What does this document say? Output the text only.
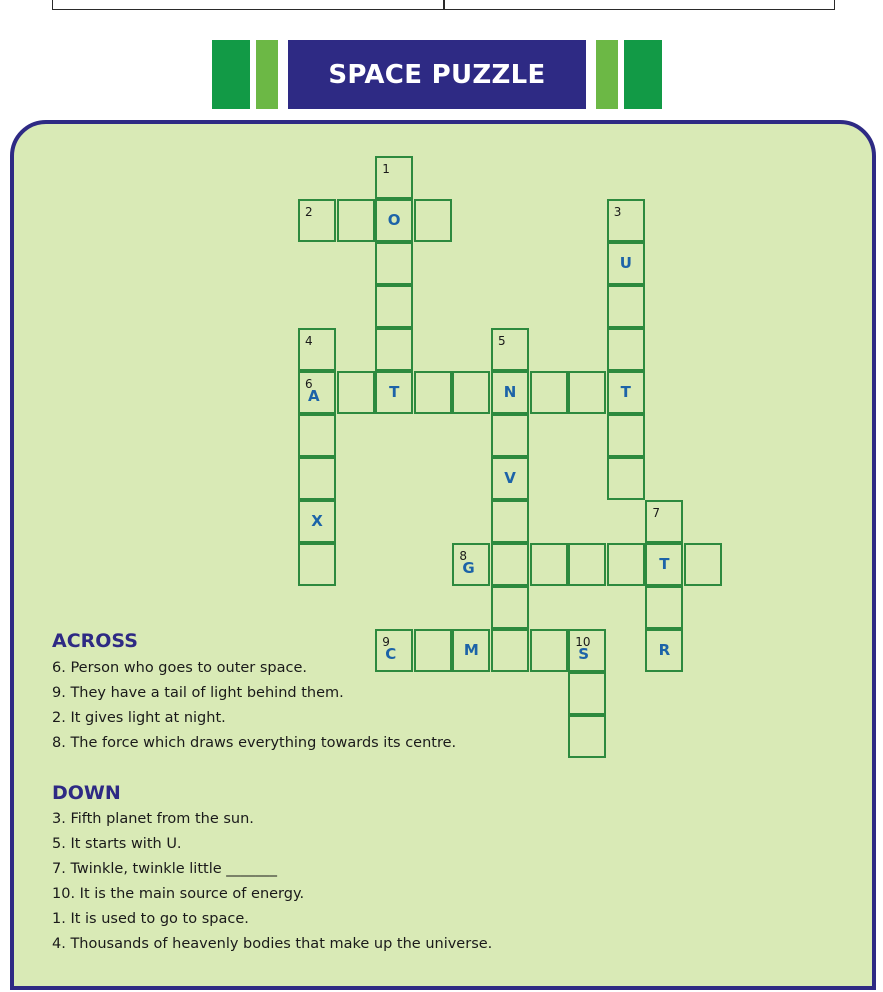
SPACE PUZZLE
1
2	O	3
U
4	5
6
A	T	N	T
V
X	7
8
G	T
9
C	M	10
S	R

ACROSS

6. Person who goes to outer space.
9. They have a tail of light behind them.
2. It gives light at night.
8. The force which draws everything towards its centre.

DOWN

3. Fifth planet from the sun.
5. It starts with U.
7. Twinkle, twinkle little _______
10. It is the main source of energy.
1. It is used to go to space.
4. Thousands of heavenly bodies that make up the universe.
